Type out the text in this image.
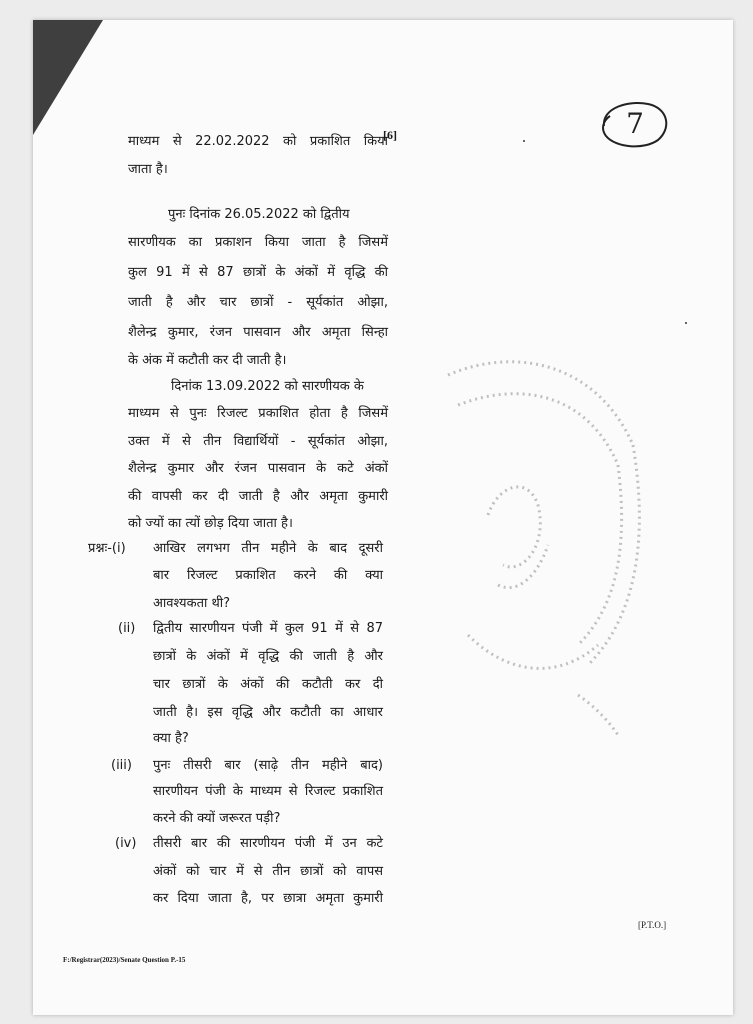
7
[6]
माध्यम से 22.02.2022 को प्रकाशित किया
जाता है।
पुनः दिनांक 26.05.2022 को द्वितीय
सारणीयक का प्रकाशन किया जाता है जिसमें
कुल 91 में से 87 छात्रों के अंकों में वृद्धि की
जाती है और चार छात्रों - सूर्यकांत ओझा,
शैलेन्द्र कुमार, रंजन पासवान और अमृता सिन्हा
के अंक में कटौती कर दी जाती है।
दिनांक 13.09.2022 को सारणीयक के
माध्यम से पुनः रिजल्ट प्रकाशित होता है जिसमें
उक्त में से तीन विद्यार्थियों - सूर्यकांत ओझा,
शैलेन्द्र कुमार और रंजन पासवान के कटे अंकों
की वापसी कर दी जाती है और अमृता कुमारी
को ज्यों का त्यों छोड़ दिया जाता है।
प्रश्नः-(i) आखिर लगभग तीन महीने के बाद दूसरी
बार रिजल्ट प्रकाशित करने की क्या
आवश्यकता थी?
(ii) द्वितीय सारणीयन पंजी में कुल 91 में से 87
छात्रों के अंकों में वृद्धि की जाती है और
चार छात्रों के अंकों की कटौती कर दी
जाती है। इस वृद्धि और कटौती का आधार
क्या है?
(iii) पुनः तीसरी बार (साढ़े तीन महीने बाद)
सारणीयन पंजी के माध्यम से रिजल्ट प्रकाशित
करने की क्यों जरूरत पड़ी?
(iv) तीसरी बार की सारणीयन पंजी में उन कटे
अंकों को चार में से तीन छात्रों को वापस
कर दिया जाता है, पर छात्रा अमृता कुमारी
[P.T.O.]
F:/Registrar(2023)/Senate Question P.-15
